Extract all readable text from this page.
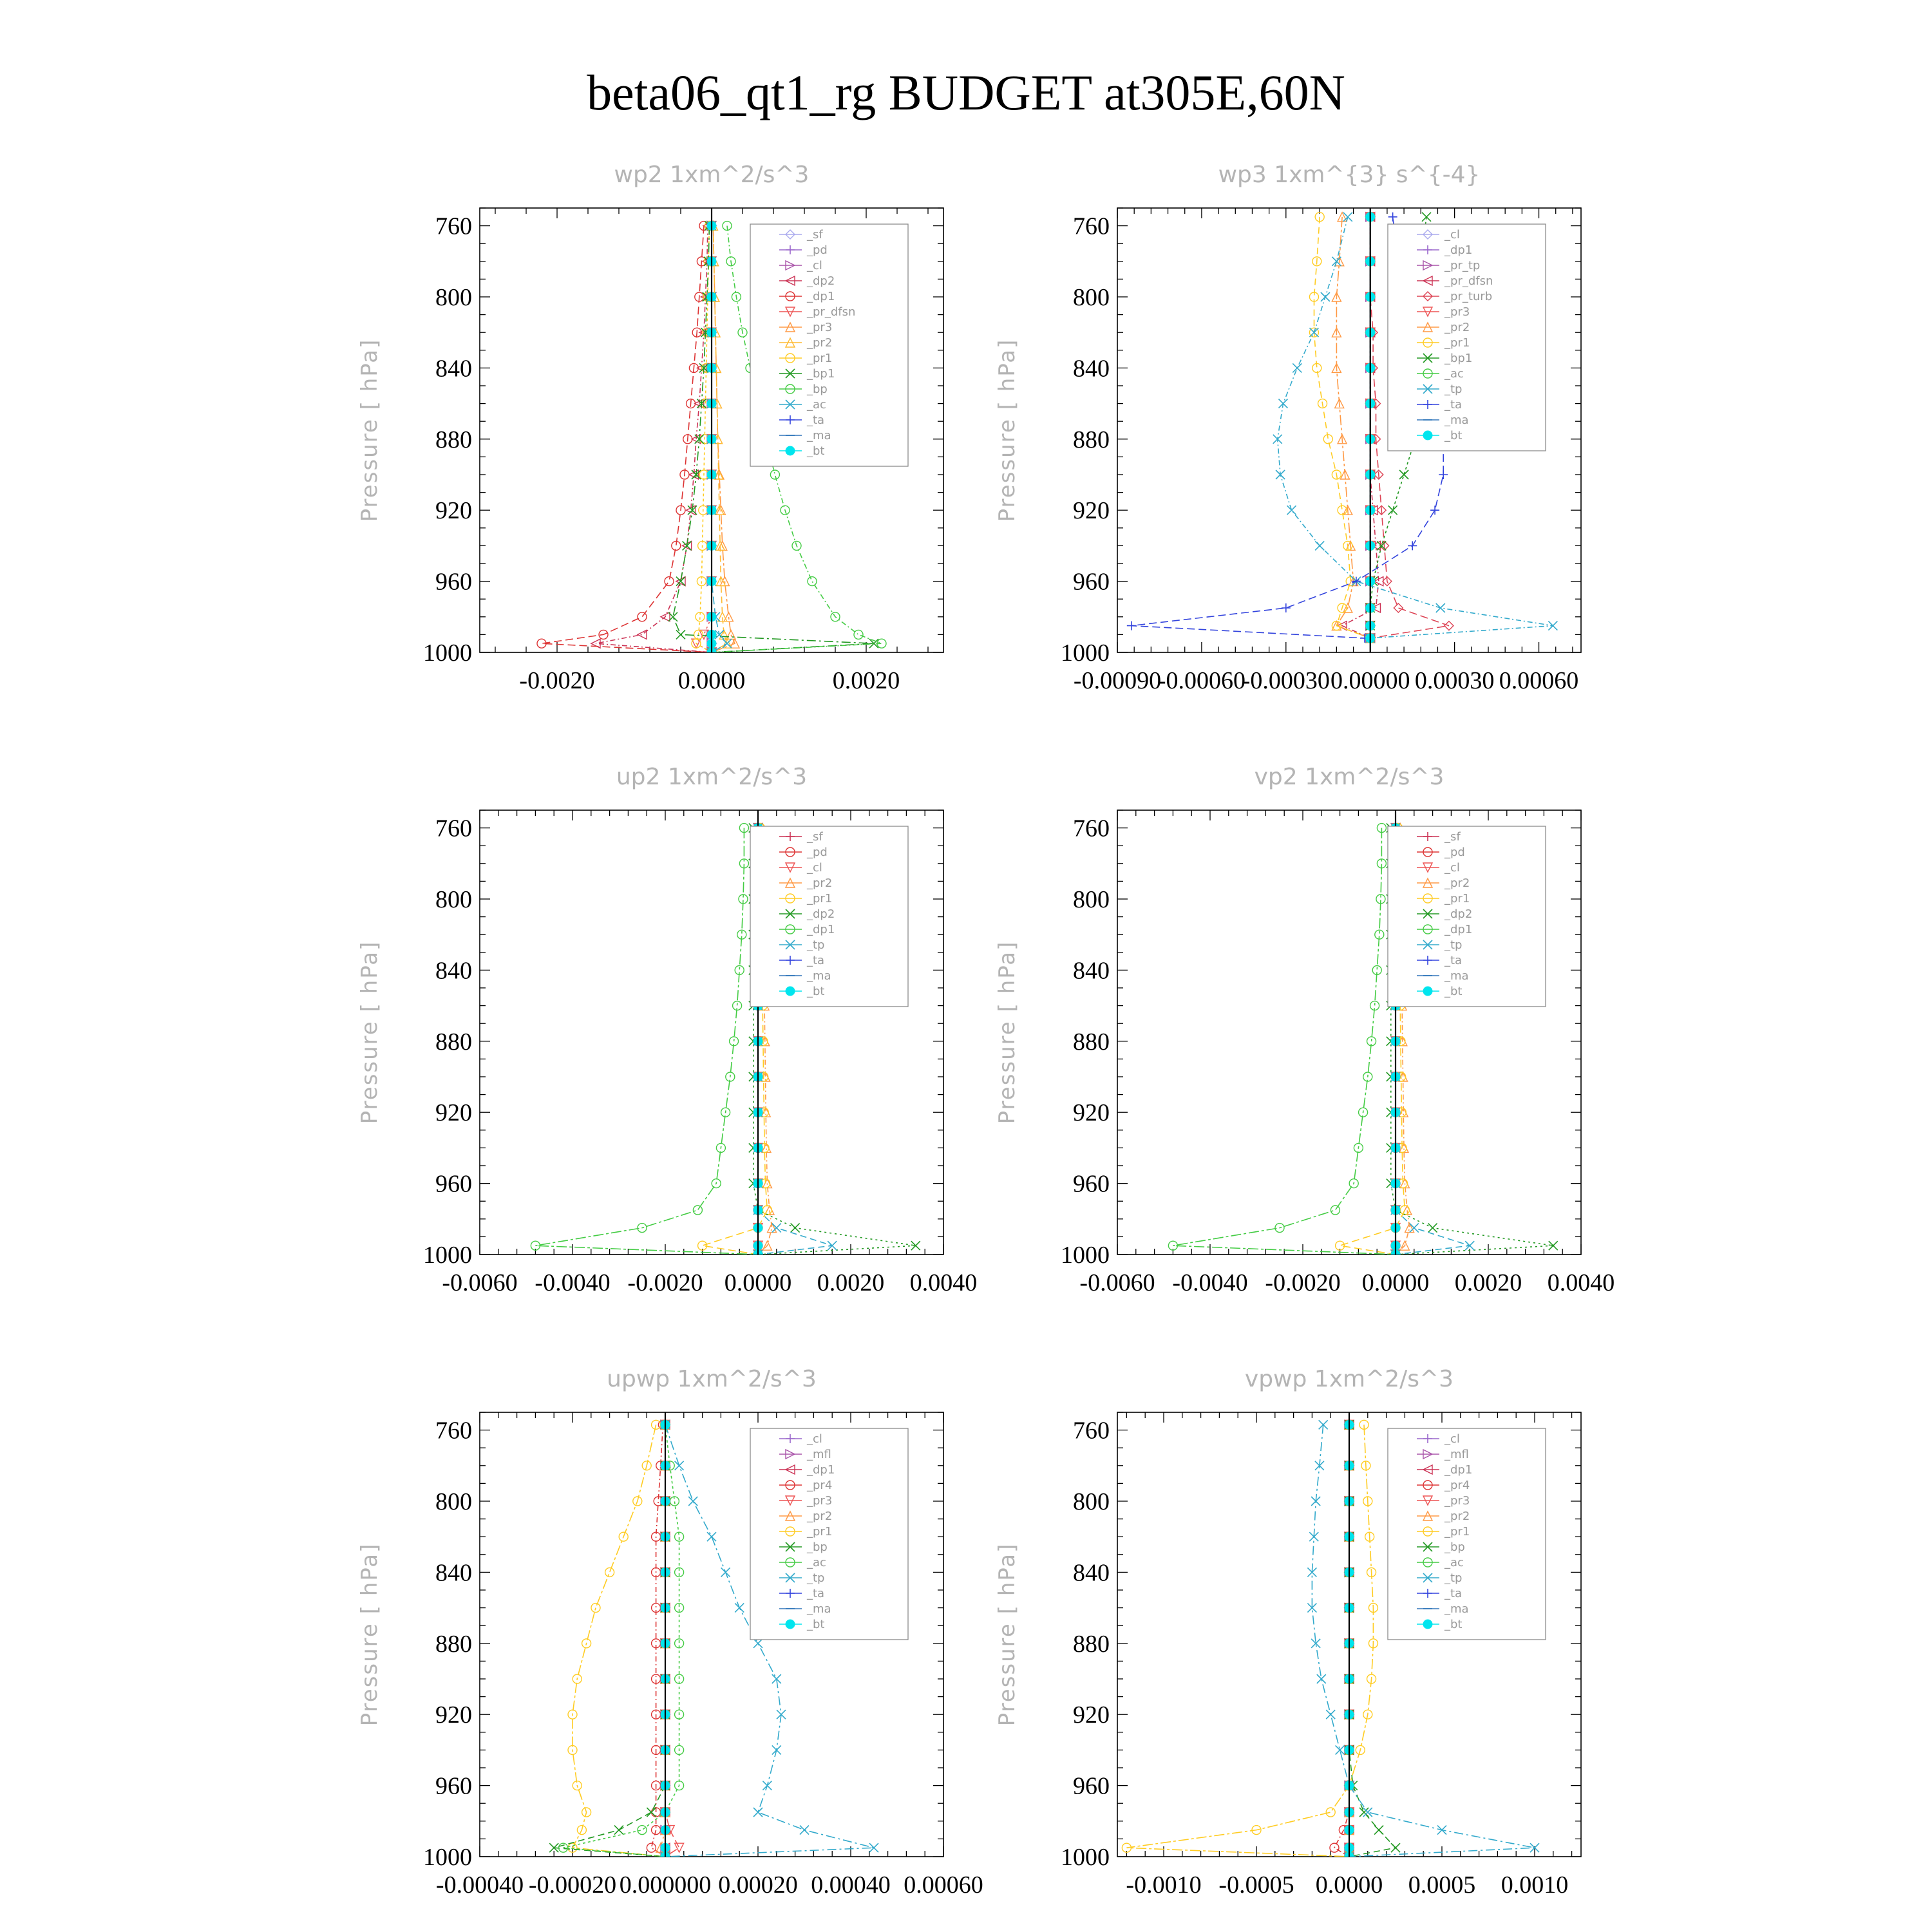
beta06_qt1_rg BUDGET at305E,60N
wp2 1xm^2/s^3
Pressure [ hPa]
760
800
840
880
920
960
1000
-0.0020	0.0000	0.0020
_sf
_pd
_cl
_dp2
_dp1
_pr_dfsn
_pr3
_pr2
_pr1
_bp1
_bp
_ac
_ta
_ma
_bt
wp3 1xm^{3} s^{-4}
Pressure [ hPa]
760
800
840
880
920
960
1000
-0.00090
-0.00060
-0.00030 0.00000 0.00030 0.00060
_cl
_dp1
_pr_tp
_pr_dfsn
_pr_turb
_pr3
_pr2
_pr1
_bp1
_ac
_tp
_ta
_ma
_bt
up2 1xm^2/s^3
Pressure [ hPa]
760
800
840
880
920
960
1000
-0.0060 -0.0040 -0.0020 0.0000 0.0020 0.0040
_sf
_pd
_cl
_pr2
_pr1
_dp2
_dp1
_tp
_ta
_ma
_bt
vp2 1xm^2/s^3
Pressure [ hPa]
760
800
840
880
920
960
1000
-0.0060 -0.0040 -0.0020 0.0000 0.0020 0.0040
_sf
_pd
_cl
_pr2
_pr1
_dp2
_dp1
_tp
_ta
_ma
_bt
upwp 1xm^2/s^3
Pressure [ hPa]
760
800
840
880
920
960
1000
-0.00040 -0.00020 0.000000 0.00020 0.00040 0.00060
_cl
_mfl
_dp1
_pr4
_pr3
_pr2
_pr1
_bp
_ac
_tp
_ta
_ma
_bt
vpwp 1xm^2/s^3
Pressure [ hPa]
760
800
840
880
920
960
1000
-0.0010 -0.0005 0.0000 0.0005 0.0010
_cl
_mfl
_dp1
_pr4
_pr3
_pr2
_pr1
_bp
_ac
_tp
_ta
_ma
_bt
